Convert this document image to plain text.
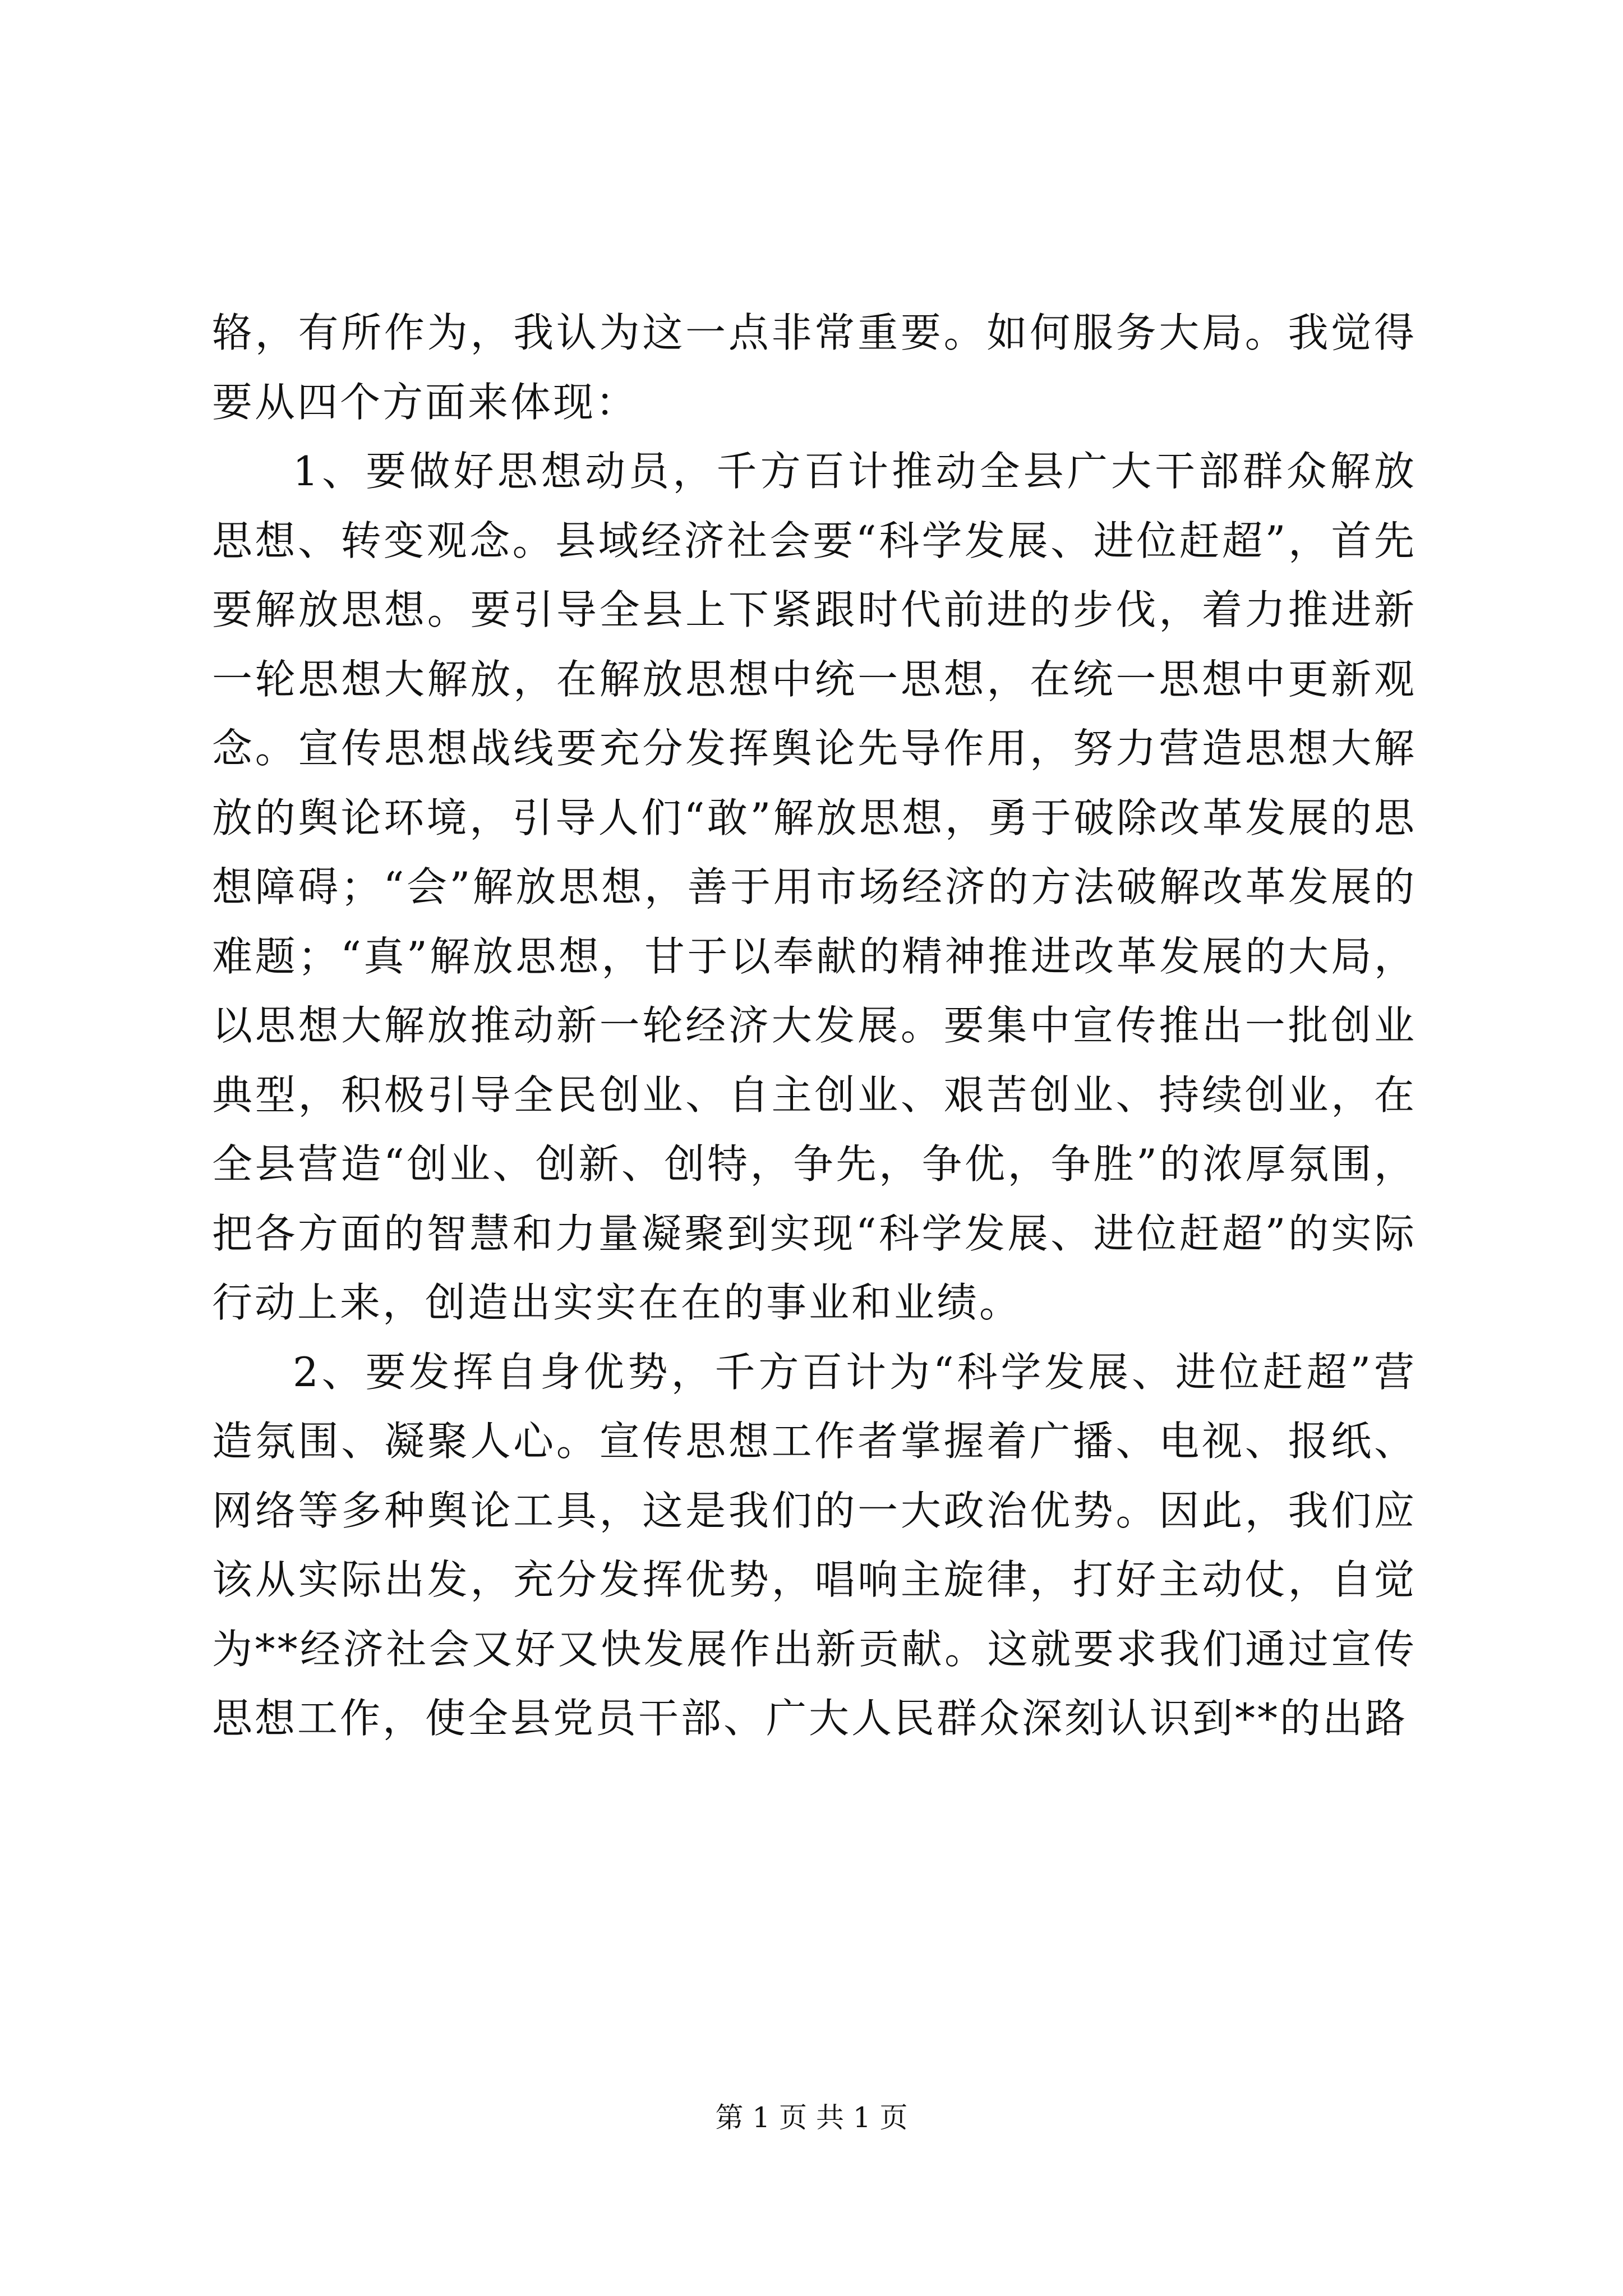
辂，有所作为，我认为这一点非常重要。如何服务大局。我觉得要从四个方面来体现：

1、要做好思想动员，千方百计推动全县广大干部群众解放思想、转变观念。县域经济社会要“科学发展、进位赶超”，首先要解放思想。要引导全县上下紧跟时代前进的步伐，着力推进新一轮思想大解放，在解放思想中统一思想，在统一思想中更新观念。宣传思想战线要充分发挥舆论先导作用，努力营造思想大解放的舆论环境，引导人们“敢”解放思想，勇于破除改革发展的思想障碍；“会”解放思想，善于用市场经济的方法破解改革发展的难题；“真”解放思想，甘于以奉献的精神推进改革发展的大局，以思想大解放推动新一轮经济大发展。要集中宣传推出一批创业典型，积极引导全民创业、自主创业、艰苦创业、持续创业，在全县营造“创业、创新、创特，争先，争优，争胜”的浓厚氛围，把各方面的智慧和力量凝聚到实现“科学发展、进位赶超”的实际行动上来，创造出实实在在的事业和业绩。

2、要发挥自身优势，千方百计为“科学发展、进位赶超”营造氛围、凝聚人心。宣传思想工作者掌握着广播、电视、报纸、网络等多种舆论工具，这是我们的一大政治优势。因此，我们应该从实际出发，充分发挥优势，唱响主旋律，打好主动仗，自觉为**经济社会又好又快发展作出新贡献。这就要求我们通过宣传思想工作，使全县党员干部、广大人民群众深刻认识到**的出路

第 1 页 共 1 页
